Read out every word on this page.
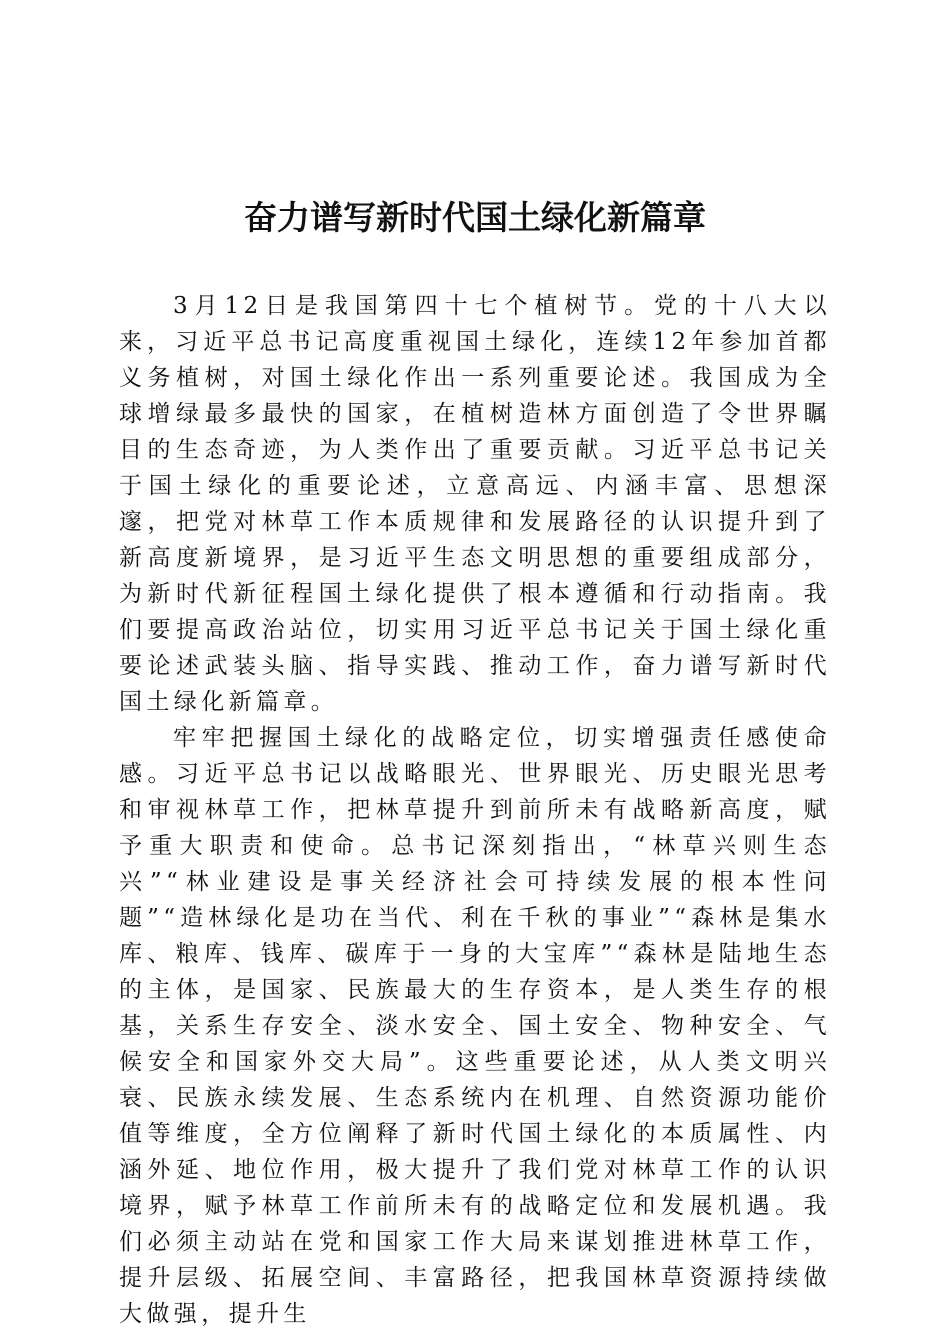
奋力谱写新时代国土绿化新篇章

3月12日是我国第四十七个植树节。党的十八大以来，习近平总书记高度重视国土绿化，连续12年参加首都义务植树，对国土绿化作出一系列重要论述。我国成为全球增绿最多最快的国家，在植树造林方面创造了令世界瞩目的生态奇迹，为人类作出了重要贡献。习近平总书记关于国土绿化的重要论述，立意高远、内涵丰富、思想深邃，把党对林草工作本质规律和发展路径的认识提升到了新高度新境界，是习近平生态文明思想的重要组成部分，为新时代新征程国土绿化提供了根本遵循和行动指南。我们要提高政治站位，切实用习近平总书记关于国土绿化重要论述武装头脑、指导实践、推动工作，奋力谱写新时代国土绿化新篇章。

牢牢把握国土绿化的战略定位，切实增强责任感使命感。习近平总书记以战略眼光、世界眼光、历史眼光思考和审视林草工作，把林草提升到前所未有战略新高度，赋予重大职责和使命。总书记深刻指出，“林草兴则生态兴”“林业建设是事关经济社会可持续发展的根本性问题”“造林绿化是功在当代、利在千秋的事业”“森林是集水库、粮库、钱库、碳库于一身的大宝库”“森林是陆地生态的主体，是国家、民族最大的生存资本，是人类生存的根基，关系生存安全、淡水安全、国土安全、物种安全、气候安全和国家外交大局”。这些重要论述，从人类文明兴衰、民族永续发展、生态系统内在机理、自然资源功能价值等维度，全方位阐释了新时代国土绿化的本质属性、内涵外延、地位作用，极大提升了我们党对林草工作的认识境界，赋予林草工作前所未有的战略定位和发展机遇。我们必须主动站在党和国家工作大局来谋划推进林草工作，提升层级、拓展空间、丰富路径，把我国林草资源持续做大做强，提升生
